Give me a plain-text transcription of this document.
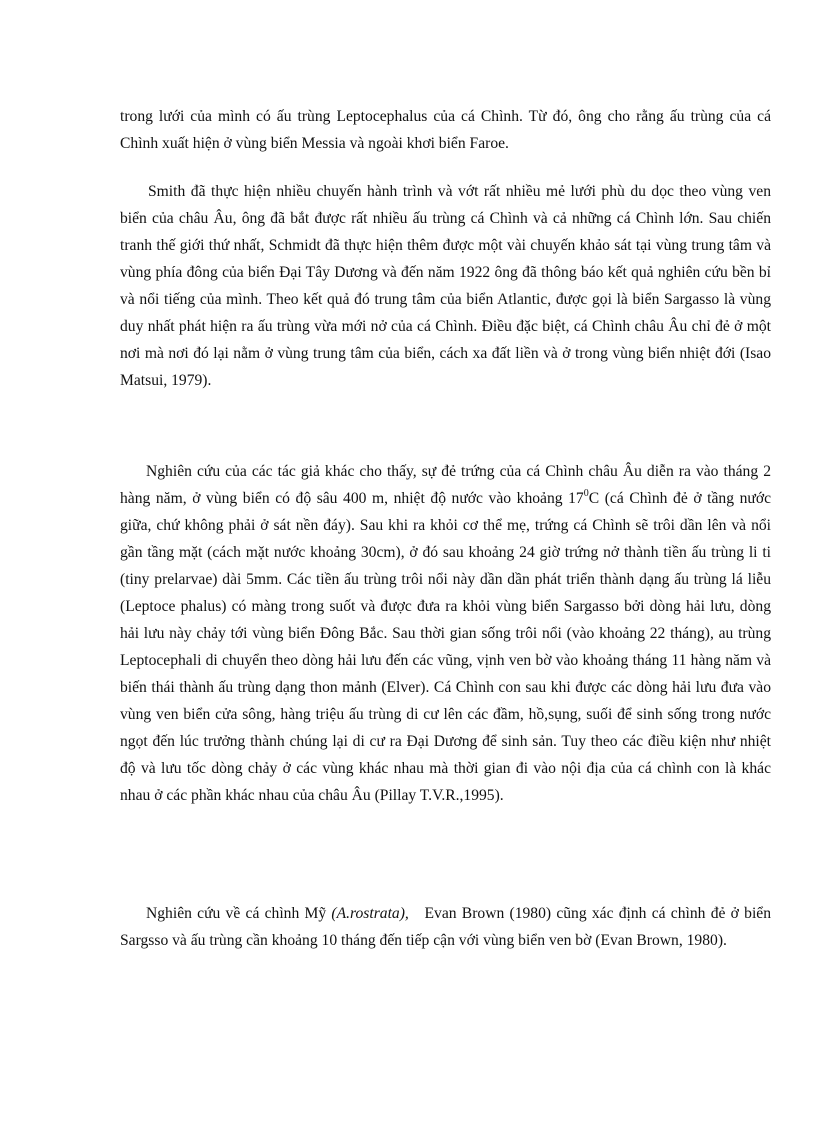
trong lưới của mình có ấu trùng Leptocephalus của cá Chình. Từ đó, ông cho rằng ấu trùng của cá Chình xuất hiện ở vùng biển Messia và ngoài khơi biển Faroe.

Smith đã thực hiện nhiều chuyến hành trình và vớt rất nhiều mẻ lưới phù du dọc theo vùng ven biển của châu Âu, ông đã bắt được rất nhiều ấu trùng cá Chình và cả những cá Chình lớn. Sau chiến tranh thế giới thứ nhất, Schmidt đã thực hiện thêm được một vài chuyến khảo sát tại vùng trung tâm và vùng phía đông của biển Đại Tây Dương và đến năm 1922 ông đã thông báo kết quả nghiên cứu bền bỉ và nổi tiếng của mình. Theo kết quả đó trung tâm của biển Atlantic, được gọi là biển Sargasso là vùng duy nhất phát hiện ra ấu trùng vừa mới nở của cá Chình. Điều đặc biệt, cá Chình châu Âu chỉ đẻ ở một nơi mà nơi đó lại nằm ở vùng trung tâm của biển, cách xa đất liền và ở trong vùng biển nhiệt đới (Isao Matsui, 1979).

Nghiên cứu của các tác giả khác cho thấy, sự đẻ trứng của cá Chình châu Âu diễn ra vào tháng 2 hàng năm, ở vùng biển có độ sâu 400 m, nhiệt độ nước vào khoảng $17^0C$ (cá Chình đẻ ở tầng nước giữa, chứ không phải ở sát nền đáy). Sau khi ra khỏi cơ thể mẹ, trứng cá Chình sẽ trôi dần lên và nổi gần tầng mặt (cách mặt nước khoảng 30cm), ở đó sau khoảng 24 giờ trứng nở thành tiền ấu trùng li ti (tiny prelarvae) dài 5mm. Các tiền ấu trùng trôi nổi này dần dần phát triển thành dạng ấu trùng lá liễu (Leptoce phalus) có màng trong suốt và được đưa ra khỏi vùng biển Sargasso bởi dòng hải lưu, dòng hải lưu này chảy tới vùng biển Đông Bắc. Sau thời gian sống trôi nổi (vào khoảng 22 tháng), au trùng Leptocephali di chuyển theo dòng hải lưu đến các vũng, vịnh ven bờ vào khoảng tháng 11 hàng năm và biến thái thành ấu trùng dạng thon mảnh (Elver). Cá Chình con sau khi được các dòng hải lưu đưa vào vùng ven biển cửa sông, hàng triệu ấu trùng di cư lên các đầm, hồ,sụng, suối để sinh sống trong nước ngọt đến lúc trưởng thành chúng lại di cư ra Đại Dương để sinh sản. Tuy theo các điều kiện như nhiệt độ và lưu tốc dòng chảy ở các vùng khác nhau mà thời gian đi vào nội địa của cá chình con là khác nhau ở các phần khác nhau của châu Âu (Pillay T.V.R.,1995).

Nghiên cứu về cá chình Mỹ (A.rostrata),   Evan Brown (1980) cũng xác định cá chình đẻ ở biển Sargsso và ấu trùng cần khoảng 10 tháng đến tiếp cận với vùng biển ven bờ (Evan Brown, 1980).
